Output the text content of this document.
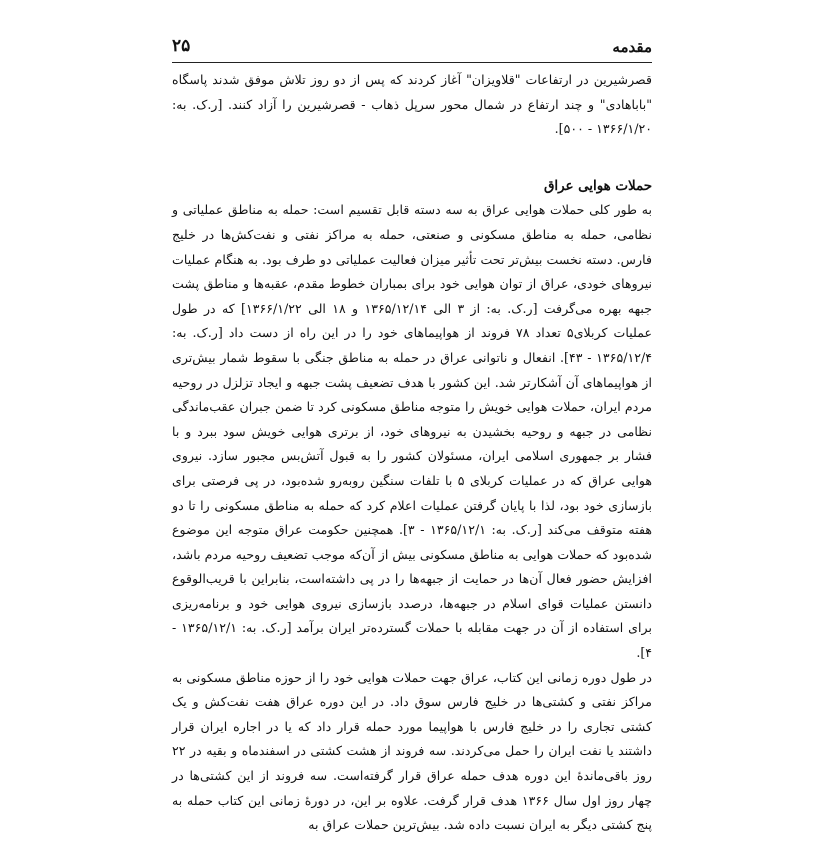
مقدمه
۲۵

قصرشیرین در ارتفاعات "قلاویزان" آغاز کردند که پس از دو روز تلاش موفق شدند پاسگاه "باباهادی" و چند ارتفاع در شمال محور سرپل ذهاب - قصرشیرین را آزاد کنند. [ر.ک. به: ۱۳۶۶/۱/۲۰ - ۵۰۰].

حملات هوایی عراق

به طور کلی حملات هوایی عراق به سه دسته قابل تقسیم است: حمله به مناطق عملیاتی و نظامی، حمله به مناطق مسکونی و صنعتی، حمله به مراکز نفتی و نفت‌کش‌ها در خلیج فارس. دسته نخست بیش‌تر تحت تأثیر میزان فعالیت عملیاتی دو طرف بود. به هنگام عملیات نیروهای خودی، عراق از توان هوایی خود برای بمباران خطوط مقدم، عقبه‌ها و مناطق پشت جبهه بهره می‌گرفت [ر.ک. به: از ۳ الی ۱۳۶۵/۱۲/۱۴ و ۱۸ الی ۱۳۶۶/۱/۲۲] که در طول عملیات کربلای۵ تعداد ۷۸ فروند از هواپیماهای خود را در این راه از دست داد [ر.ک. به: ۱۳۶۵/۱۲/۴ - ۴۳]. انفعال و ناتوانی عراق در حمله به مناطق جنگی با سقوط شمار بیش‌تری از هواپیماهای آن آشکارتر شد. این کشور با هدف تضعیف پشت جبهه و ایجاد تزلزل در روحیه مردم ایران، حملات هوایی خویش را متوجه مناطق مسکونی کرد تا ضمن جبران عقب‌ماندگی نظامی در جبهه و روحیه بخشیدن به نیروهای خود، از برتری هوایی خویش سود ببرد و با فشار بر جمهوری اسلامی ایران، مسئولان کشور را به قبول آتش‌بس مجبور سازد. نیروی هوایی عراق که در عملیات کربلای ۵ با تلفات سنگین روبه‌رو شده‌بود، در پی فرصتی برای بازسازی خود بود، لذا با پایان گرفتن عملیات اعلام کرد که حمله به مناطق مسکونی را تا دو هفته متوقف می‌کند [ر.ک. به: ۱۳۶۵/۱۲/۱ - ۳]. همچنین حکومت عراق متوجه این موضوع شده‌بود که حملات هوایی به مناطق مسکونی بیش از آن‌که موجب تضعیف روحیه مردم باشد، افزایش حضور فعال آن‌ها در حمایت از جبهه‌ها را در پی داشته‌است، بنابراین با قریب‌الوقوع دانستن عملیات قوای اسلام در جبهه‌ها، درصدد بازسازی نیروی هوایی خود و برنامه‌ریزی برای استفاده از آن در جهت مقابله با حملات گسترده‌تر ایران برآمد [ر.ک. به: ۱۳۶۵/۱۲/۱ - ۴].

در طول دوره زمانی این کتاب، عراق جهت حملات هوایی خود را از حوزه مناطق مسکونی به مراکز نفتی و کشتی‌ها در خلیج فارس سوق داد. در این دوره عراق هفت نفت‌کش و یک کشتی تجاری را در خلیج فارس با هواپیما مورد حمله قرار داد که یا در اجاره ایران قرار داشتند یا نفت ایران را حمل می‌کردند. سه فروند از هشت کشتی در اسفندماه و بقیه در ۲۲ روز باقی‌ماندهٔ این دوره هدف حمله عراق قرار گرفته‌است. سه فروند از این کشتی‌ها در چهار روز اول سال ۱۳۶۶ هدف قرار گرفت. علاوه بر این، در دورهٔ زمانی این کتاب حمله به پنج کشتی دیگر به ایران نسبت داده شد. بیش‌ترین حملات عراق به
